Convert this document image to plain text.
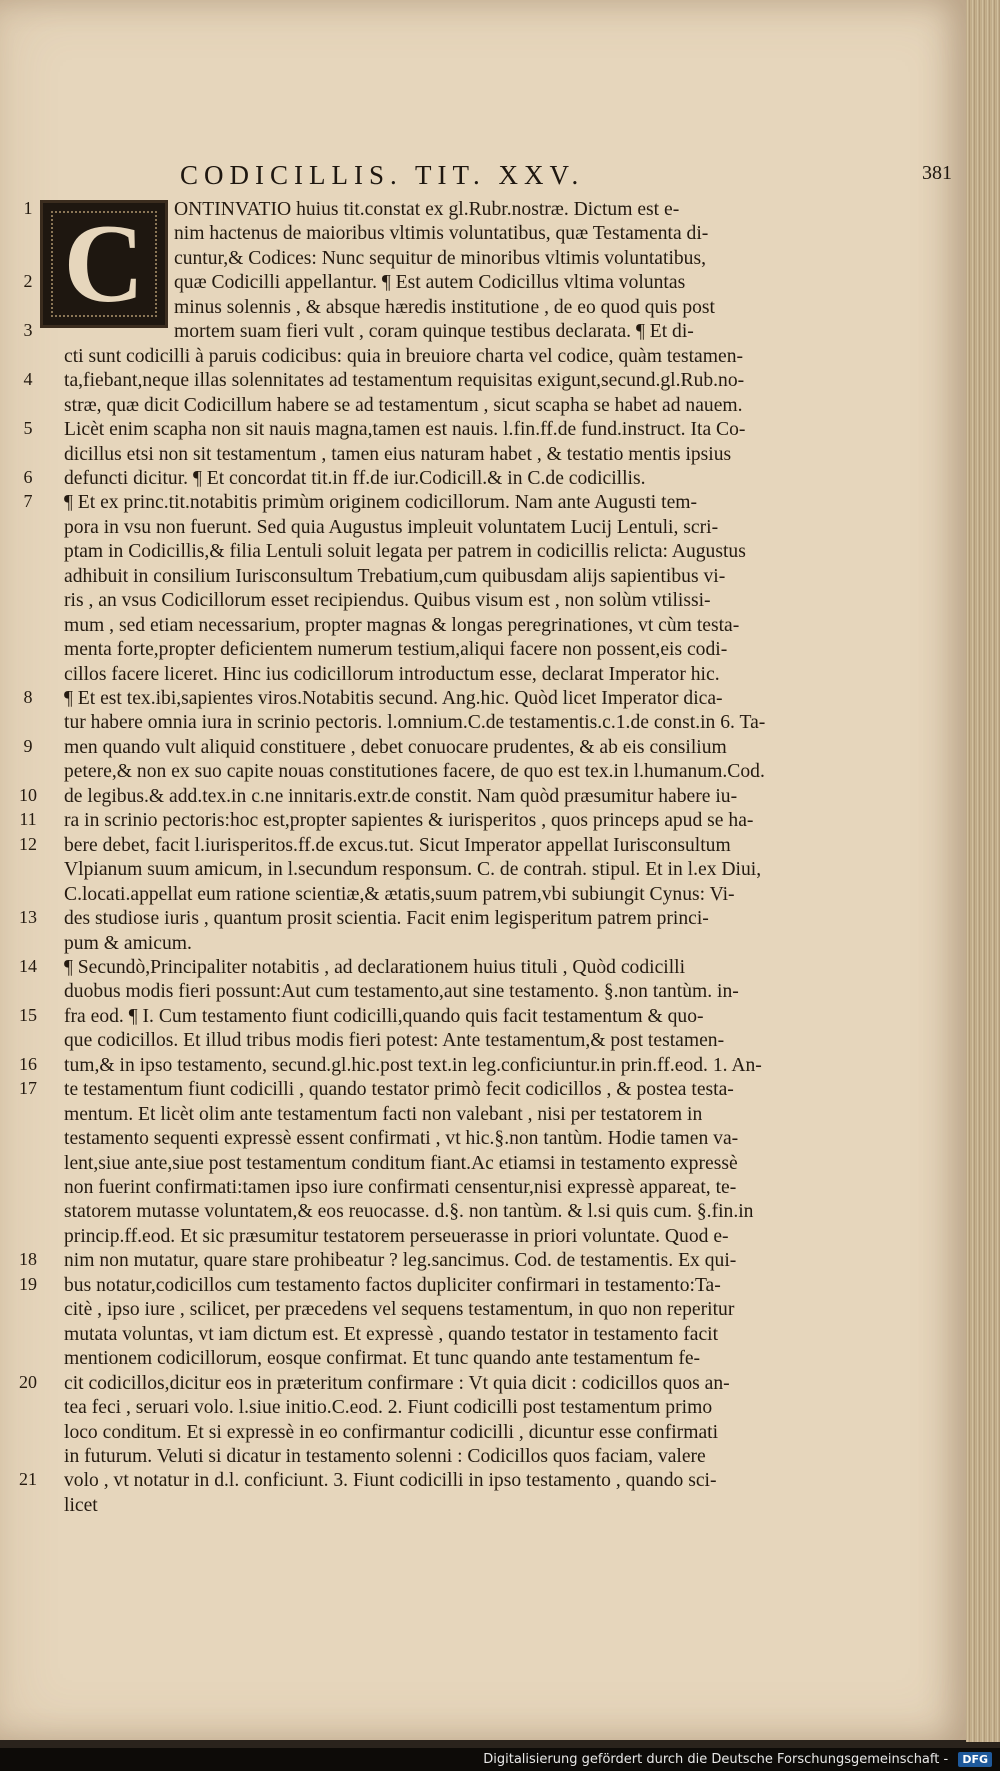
CODICILLIS. TIT. XXV.	381
C ONTINVATIO huius tit.constat ex gl.Rubr.nostræ. Dictum est e-
nim hactenus de maioribus vltimis voluntatibus, quæ Testamenta di-
cuntur,& Codices: Nunc sequitur de minoribus vltimis voluntatibus,
quæ Codicilli appellantur. ¶ Est autem Codicillus vltima voluntas
minus solennis , & absque hæredis institutione , de eo quod quis post
mortem suam fieri vult , coram quinque testibus declarata. ¶ Et di-
cti sunt codicilli à paruis codicibus: quia in breuiore charta vel codice, quàm testamen-
ta,fiebant,neque illas solennitates ad testamentum requisitas exigunt,secund.gl.Rub.no-
stræ, quæ dicit Codicillum habere se ad testamentum , sicut scapha se habet ad nauem.
Licèt enim scapha non sit nauis magna,tamen est nauis. l.fin.ff.de fund.instruct. Ita Co-
dicillus etsi non sit testamentum , tamen eius naturam habet , & testatio mentis ipsius
defuncti dicitur. ¶ Et concordat tit.in ff.de iur.Codicill.& in C.de codicillis.
¶ Et ex princ.tit.notabitis primùm originem codicillorum. Nam ante Augusti tem-
pora in vsu non fuerunt. Sed quia Augustus impleuit voluntatem Lucij Lentuli, scri-
ptam in Codicillis,& filia Lentuli soluit legata per patrem in codicillis relicta: Augustus
adhibuit in consilium Iurisconsultum Trebatium,cum quibusdam alijs sapientibus vi-
ris , an vsus Codicillorum esset recipiendus. Quibus visum est , non solùm vtilissi-
mum , sed etiam necessarium, propter magnas & longas peregrinationes, vt cùm testa-
menta forte,propter deficientem numerum testium,aliqui facere non possent,eis codi-
cillos facere liceret. Hinc ius codicillorum introductum esse, declarat Imperator hic.
¶ Et est tex.ibi,sapientes viros.Notabitis secund. Ang.hic. Quòd licet Imperator dica-
tur habere omnia iura in scrinio pectoris. l.omnium.C.de testamentis.c.1.de const.in 6. Ta-
men quando vult aliquid constituere , debet conuocare prudentes, & ab eis consilium
petere,& non ex suo capite nouas constitutiones facere, de quo est tex.in l.humanum.Cod.
de legibus.& add.tex.in c.ne innitaris.extr.de constit. Nam quòd præsumitur habere iu-
ra in scrinio pectoris:hoc est,propter sapientes & iurisperitos , quos princeps apud se ha-
bere debet, facit l.iurisperitos.ff.de excus.tut. Sicut Imperator appellat Iurisconsultum
Vlpianum suum amicum, in l.secundum responsum. C. de contrah. stipul. Et in l.ex Diui,
C.locati.appellat eum ratione scientiæ,& ætatis,suum patrem,vbi subiungit Cynus: Vi-
des studiose iuris , quantum prosit scientia. Facit enim legisperitum patrem princi-
pum & amicum.
¶ Secundò,Principaliter notabitis , ad declarationem huius tituli , Quòd codicilli
duobus modis fieri possunt:Aut cum testamento,aut sine testamento. §.non tantùm. in-
fra eod. ¶ I. Cum testamento fiunt codicilli,quando quis facit testamentum & quo-
que codicillos. Et illud tribus modis fieri potest: Ante testamentum,& post testamen-
tum,& in ipso testamento, secund.gl.hic.post text.in leg.conficiuntur.in prin.ff.eod. 1. An-
te testamentum fiunt codicilli , quando testator primò fecit codicillos , & postea testa-
mentum. Et licèt olim ante testamentum facti non valebant , nisi per testatorem in
testamento sequenti expressè essent confirmati , vt hic.§.non tantùm. Hodie tamen va-
lent,siue ante,siue post testamentum conditum fiant.Ac etiamsi in testamento expressè
non fuerint confirmati:tamen ipso iure confirmati censentur,nisi expressè appareat, te-
statorem mutasse voluntatem,& eos reuocasse. d.§. non tantùm. & l.si quis cum. §.fin.in
princip.ff.eod. Et sic præsumitur testatorem perseuerasse in priori voluntate. Quod e-
nim non mutatur, quare stare prohibeatur ? leg.sancimus. Cod. de testamentis. Ex qui-
bus notatur,codicillos cum testamento factos dupliciter confirmari in testamento:Ta-
citè , ipso iure , scilicet, per præcedens vel sequens testamentum, in quo non reperitur
mutata voluntas, vt iam dictum est. Et expressè , quando testator in testamento facit
mentionem codicillorum, eosque confirmat. Et tunc quando ante testamentum fe-
cit codicillos,dicitur eos in præteritum confirmare : Vt quia dicit : codicillos quos an-
tea feci , seruari volo. l.siue initio.C.eod. 2. Fiunt codicilli post testamentum primo
loco conditum. Et si expressè in eo confirmantur codicilli , dicuntur esse confirmati
in futurum. Veluti si dicatur in testamento solenni : Codicillos quos faciam, valere
volo , vt notatur in d.l. conficiunt. 3. Fiunt codicilli in ipso testamento , quando sci-
licet
1
2
3
4
5
6
7
8
9
10
11
12
13
14
15
16
17
18
19
20
21
Digitalisierung gefördert durch die Deutsche Forschungsgemeinschaft - DFG
